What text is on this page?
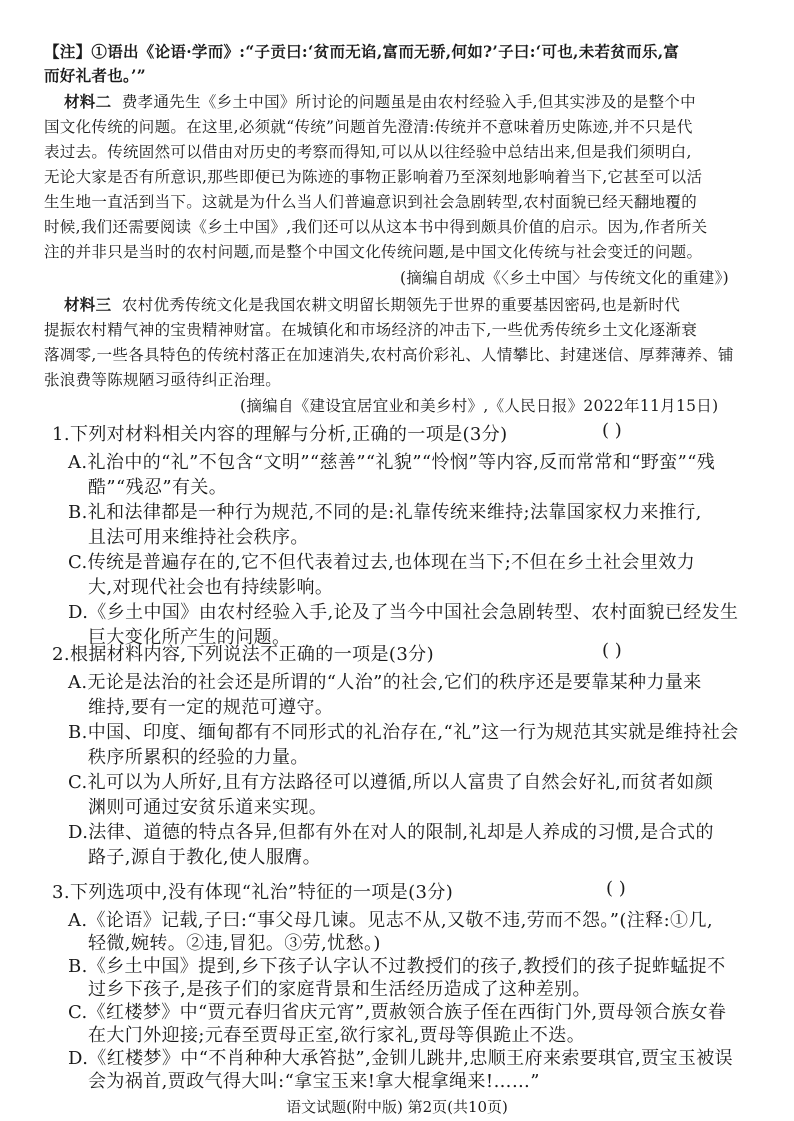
【注】①语出《论语·学而》:“子贡曰:‘贫而无谄,富而无骄,何如?’子曰:‘可也,未若贫而乐,富
而好礼者也。’”
材料二 费孝通先生《乡土中国》所讨论的问题虽是由农村经验入手,但其实涉及的是整个中
国文化传统的问题。在这里,必须就“传统”问题首先澄清:传统并不意味着历史陈迹,并不只是代
表过去。传统固然可以借由对历史的考察而得知,可以从以往经验中总结出来,但是我们须明白,
无论大家是否有所意识,那些即便已为陈迹的事物正影响着乃至深刻地影响着当下,它甚至可以活
生生地一直活到当下。这就是为什么当人们普遍意识到社会急剧转型,农村面貌已经天翻地覆的
时候,我们还需要阅读《乡土中国》,我们还可以从这本书中得到颇具价值的启示。因为,作者所关
注的并非只是当时的农村问题,而是整个中国文化传统问题,是中国文化传统与社会变迁的问题。
(摘编自胡成《〈乡土中国〉与传统文化的重建》)
材料三 农村优秀传统文化是我国农耕文明留长期领先于世界的重要基因密码,也是新时代
提振农村精气神的宝贵精神财富。在城镇化和市场经济的冲击下,一些优秀传统乡土文化逐渐衰
落凋零,一些各具特色的传统村落正在加速消失,农村高价彩礼、人情攀比、封建迷信、厚葬薄养、铺
张浪费等陈规陋习亟待纠正治理。
(摘编自《建设宜居宜业和美乡村》,《人民日报》2022年11月15日)
1.下列对材料相关内容的理解与分析,正确的一项是(3分)	( )
A.礼治中的“礼”不包含“文明”“慈善”“礼貌”“怜悯”等内容,反而常常和“野蛮”“残
酷”“残忍”有关。
B.礼和法律都是一种行为规范,不同的是:礼靠传统来维持;法靠国家权力来推行,
且法可用来维持社会秩序。
C.传统是普遍存在的,它不但代表着过去,也体现在当下;不但在乡土社会里效力
大,对现代社会也有持续影响。
D.《乡土中国》由农村经验入手,论及了当今中国社会急剧转型、农村面貌已经发生
巨大变化所产生的问题。
2.根据材料内容,下列说法不正确的一项是(3分)	( )
A.无论是法治的社会还是所谓的“人治”的社会,它们的秩序还是要靠某种力量来
维持,要有一定的规范可遵守。
B.中国、印度、缅甸都有不同形式的礼治存在,“礼”这一行为规范其实就是维持社会
秩序所累积的经验的力量。
C.礼可以为人所好,且有方法路径可以遵循,所以人富贵了自然会好礼,而贫者如颜
渊则可通过安贫乐道来实现。
D.法律、道德的特点各异,但都有外在对人的限制,礼却是人养成的习惯,是合式的
路子,源自于教化,使人服膺。
3.下列选项中,没有体现“礼治”特征的一项是(3分)	( )
A.《论语》记载,子曰:“事父母几谏。见志不从,又敬不违,劳而不怨。”(注释:①几,
轻微,婉转。②违,冒犯。③劳,忧愁。)
B.《乡土中国》提到,乡下孩子认字认不过教授们的孩子,教授们的孩子捉蚱蜢捉不
过乡下孩子,是孩子们的家庭背景和生活经历造成了这种差别。
C.《红楼梦》中“贾元春归省庆元宵”,贾赦领合族子侄在西街门外,贾母领合族女眷
在大门外迎接;元春至贾母正室,欲行家礼,贾母等俱跪止不迭。
D.《红楼梦》中“不肖种种大承笞挞”,金钏儿跳井,忠顺王府来索要琪官,贾宝玉被误
会为祸首,贾政气得大叫:“拿宝玉来!拿大棍拿绳来!……”
语文试题(附中版) 第2页(共10页)
